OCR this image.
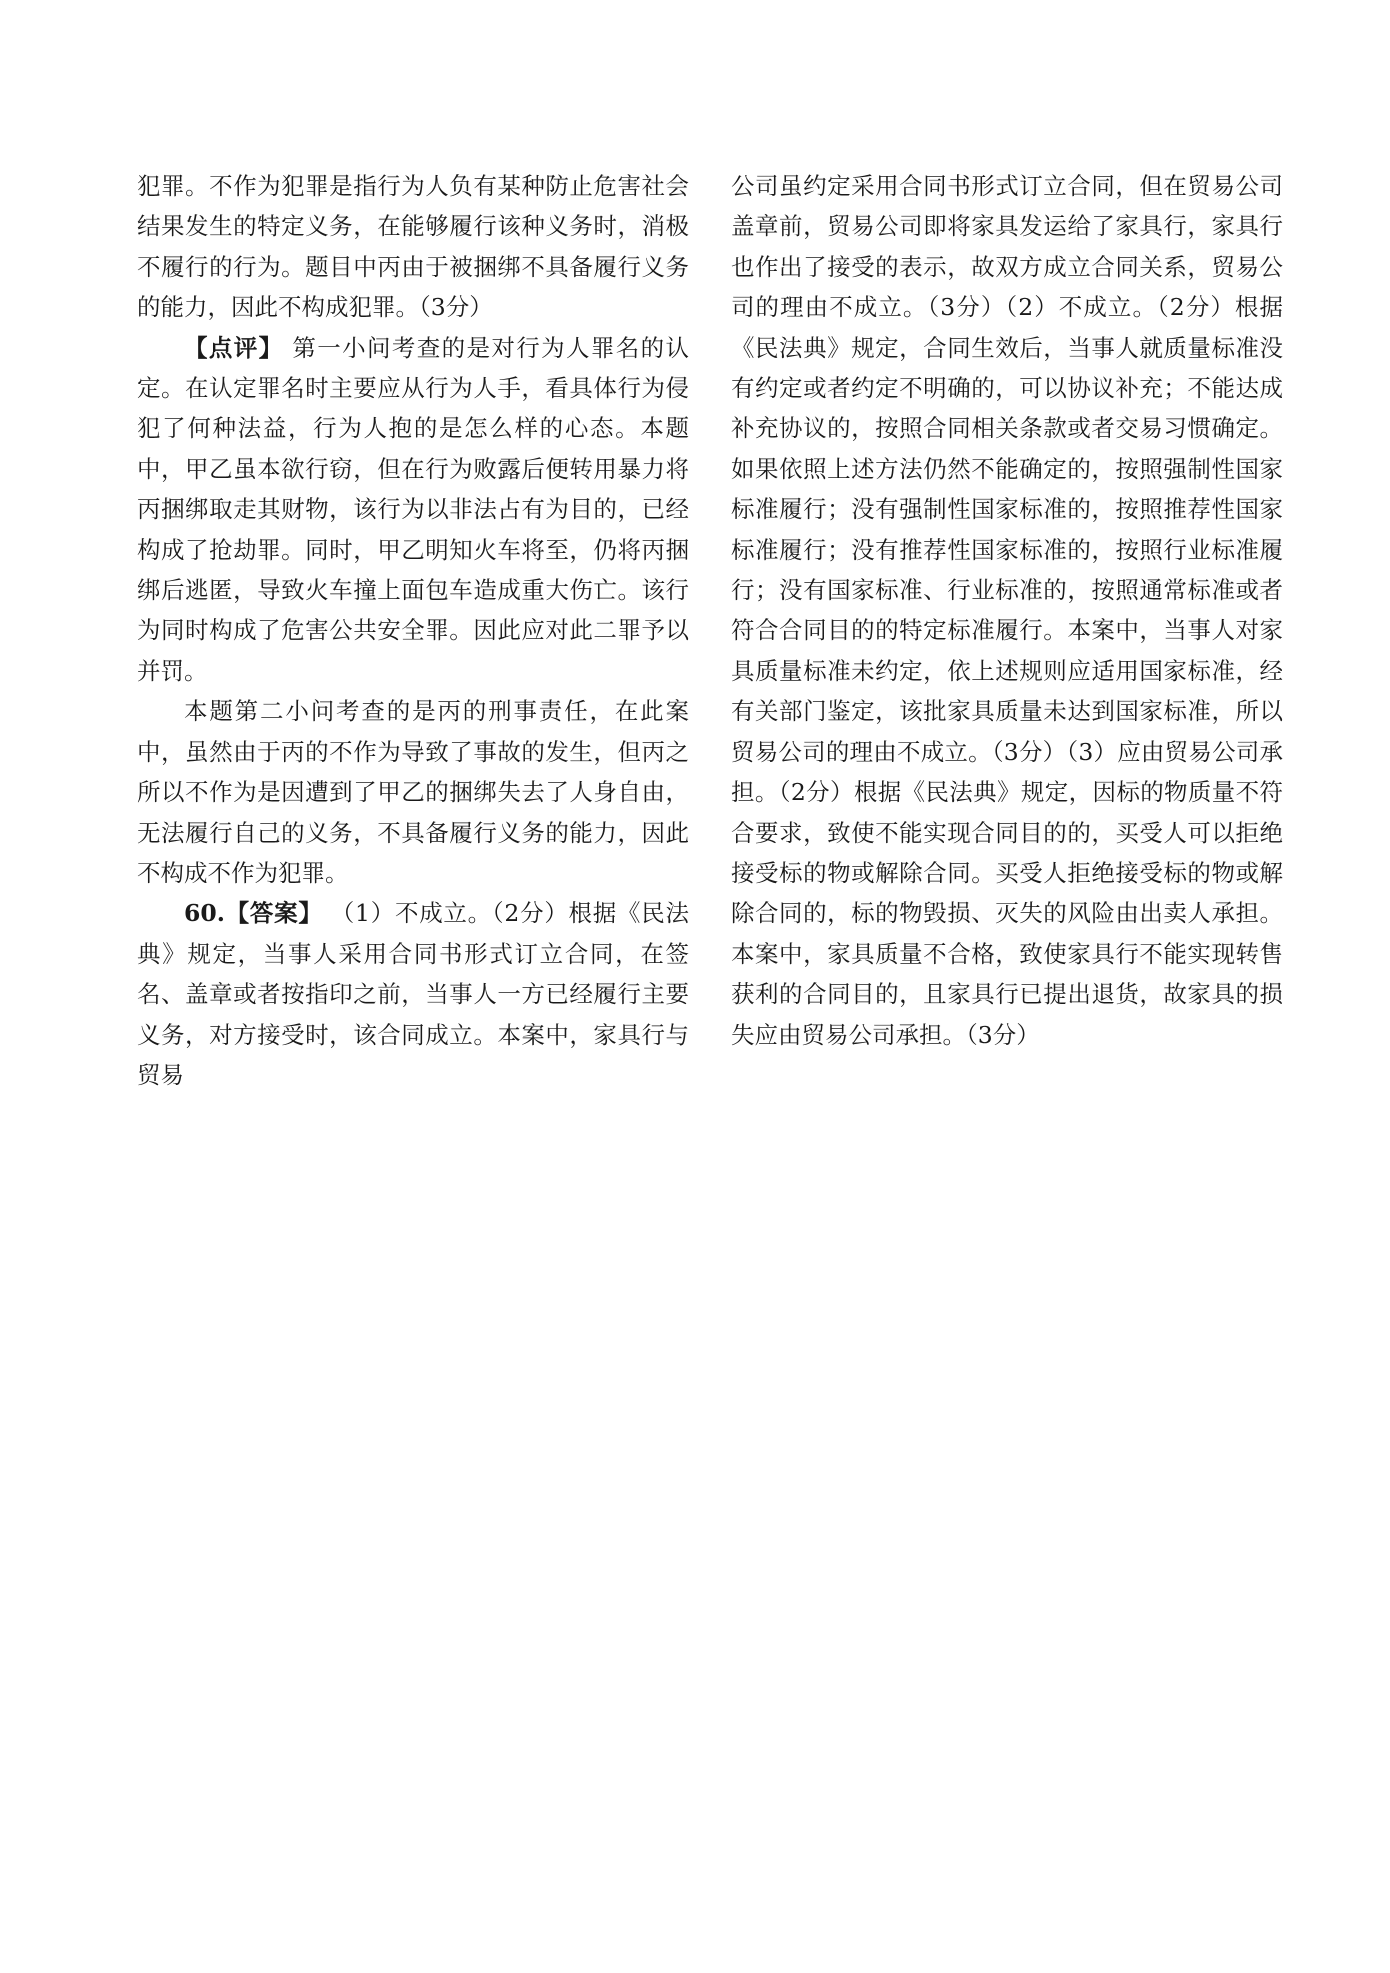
犯罪。不作为犯罪是指行为人负有某种防止危害社会结果发生的特定义务，在能够履行该种义务时，消极不履行的行为。题目中丙由于被捆绑不具备履行义务的能力，因此不构成犯罪。（3分）

【点评】 第一小问考查的是对行为人罪名的认定。在认定罪名时主要应从行为人手，看具体行为侵犯了何种法益，行为人抱的是怎么样的心态。本题中，甲乙虽本欲行窃，但在行为败露后便转用暴力将丙捆绑取走其财物，该行为以非法占有为目的，已经构成了抢劫罪。同时，甲乙明知火车将至，仍将丙捆绑后逃匿，导致火车撞上面包车造成重大伤亡。该行为同时构成了危害公共安全罪。因此应对此二罪予以并罚。

本题第二小问考查的是丙的刑事责任，在此案中，虽然由于丙的不作为导致了事故的发生，但丙之所以不作为是因遭到了甲乙的捆绑失去了人身自由，无法履行自己的义务，不具备履行义务的能力，因此不构成不作为犯罪。

60.【答案】 （1）不成立。（2分）根据《民法典》规定，当事人采用合同书形式订立合同，在签名、盖章或者按指印之前，当事人一方已经履行主要义务，对方接受时，该合同成立。本案中，家具行与贸易

公司虽约定采用合同书形式订立合同，但在贸易公司盖章前，贸易公司即将家具发运给了家具行，家具行也作出了接受的表示，故双方成立合同关系，贸易公司的理由不成立。（3分）（2）不成立。（2分）根据《民法典》规定，合同生效后，当事人就质量标准没有约定或者约定不明确的，可以协议补充；不能达成补充协议的，按照合同相关条款或者交易习惯确定。如果依照上述方法仍然不能确定的，按照强制性国家标准履行；没有强制性国家标准的，按照推荐性国家标准履行；没有推荐性国家标准的，按照行业标准履行；没有国家标准、行业标准的，按照通常标准或者符合合同目的的特定标准履行。本案中，当事人对家具质量标准未约定，依上述规则应适用国家标准，经有关部门鉴定，该批家具质量未达到国家标准，所以贸易公司的理由不成立。（3分）（3）应由贸易公司承担。（2分）根据《民法典》规定，因标的物质量不符合要求，致使不能实现合同目的的，买受人可以拒绝接受标的物或解除合同。买受人拒绝接受标的物或解除合同的，标的物毁损、灭失的风险由出卖人承担。本案中，家具质量不合格，致使家具行不能实现转售获利的合同目的，且家具行已提出退货，故家具的损失应由贸易公司承担。（3分）
